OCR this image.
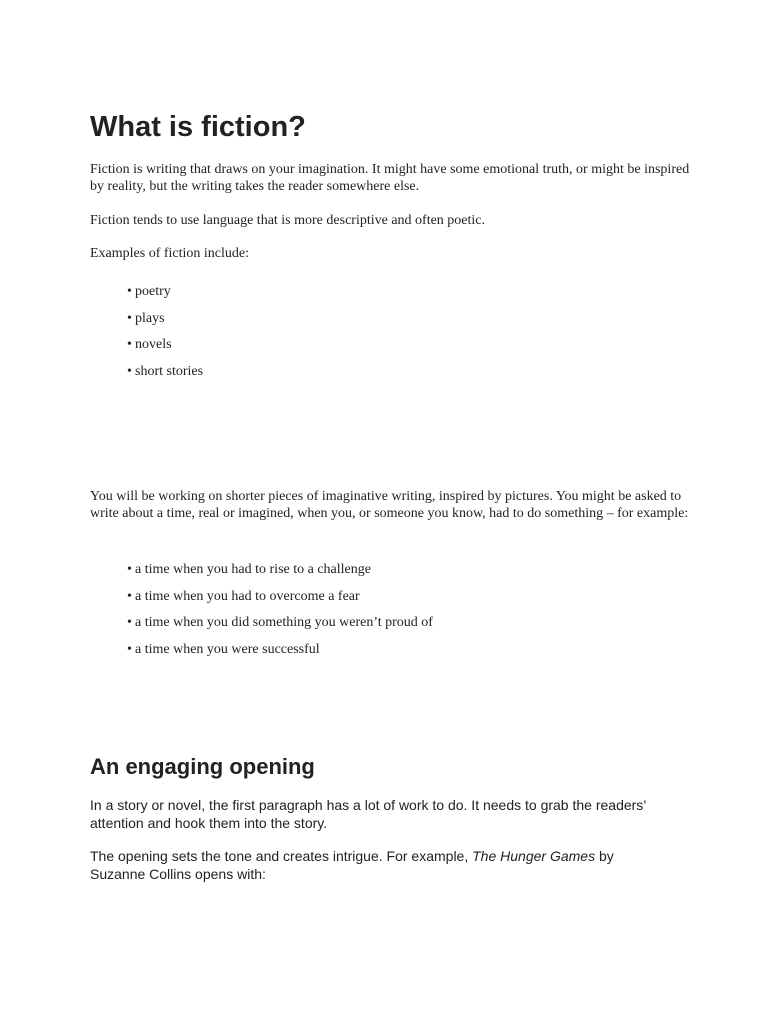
What is fiction?

Fiction is writing that draws on your imagination. It might have some emotional truth, or might be inspired by reality, but the writing takes the reader somewhere else.

Fiction tends to use language that is more descriptive and often poetic.

Examples of fiction include:

• poetry
• plays
• novels
• short stories

You will be working on shorter pieces of imaginative writing, inspired by pictures. You might be asked to write about a time, real or imagined, when you, or someone you know, had to do something – for example:

• a time when you had to rise to a challenge
• a time when you had to overcome a fear
• a time when you did something you weren’t proud of
• a time when you were successful
An engaging opening

In a story or novel, the first paragraph has a lot of work to do. It needs to grab the readers’ attention and hook them into the story.

The opening sets the tone and creates intrigue. For example, The Hunger Games by Suzanne Collins opens with:
